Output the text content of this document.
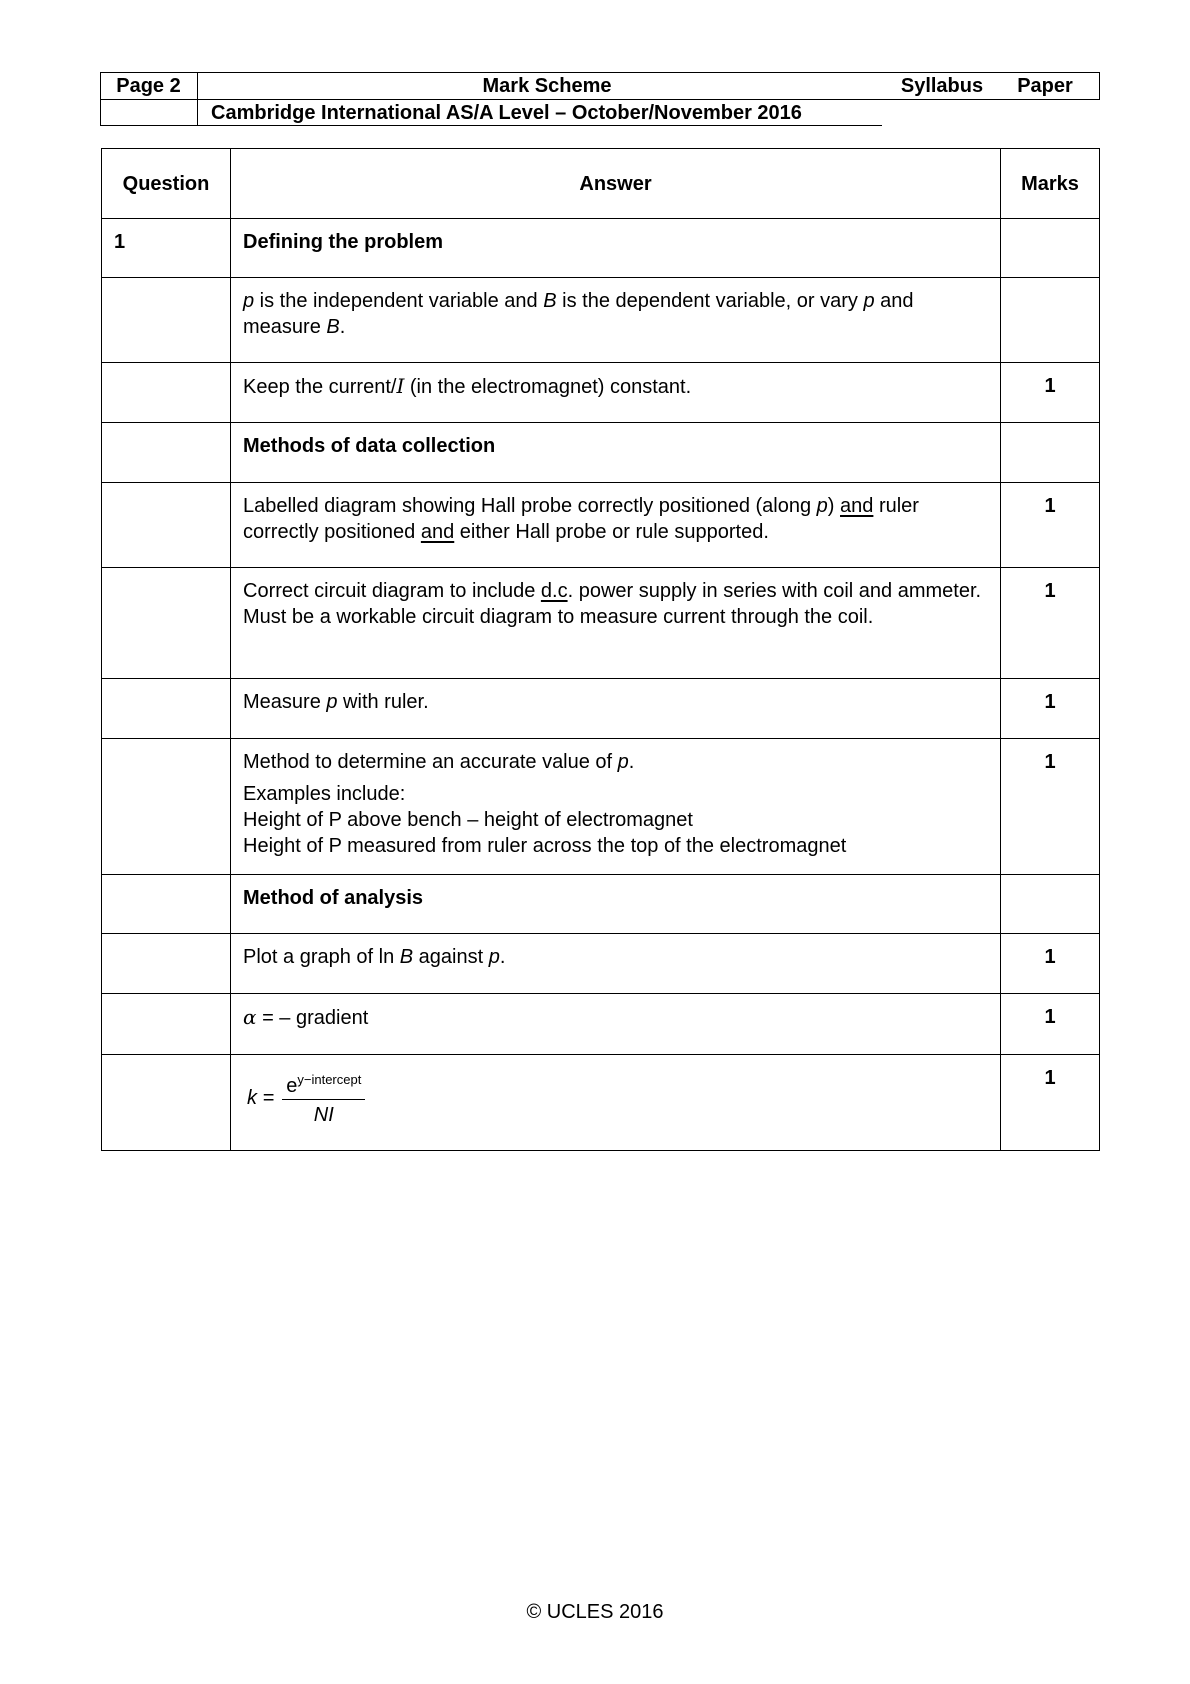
Page 2	Mark Scheme	Syllabus	Paper
Cambridge International AS/A Level – October/November 2016
Question	Answer	Marks
1	Defining the problem	
	p is the independent variable and B is the dependent variable, or vary p and measure B.	
	Keep the current/I (in the electromagnet) constant.	1
	Methods of data collection	
	Labelled diagram showing Hall probe correctly positioned (along p) and ruler correctly positioned and either Hall probe or rule supported.	1
	Correct circuit diagram to include d.c. power supply in series with coil and ammeter. Must be a workable circuit diagram to measure current through the coil.	1
	Measure p with ruler.	1

	Method to determine an accurate value of p.
Examples include:
Height of P above bench – height of electromagnet
Height of P measured from ruler across the top of the electromagnet	1
	Method of analysis	
	Plot a graph of ln B against p.	1
	α = – gradient	1

	$k = \frac{e^{y-intercept}}{NI}$	1
© UCLES 2016
